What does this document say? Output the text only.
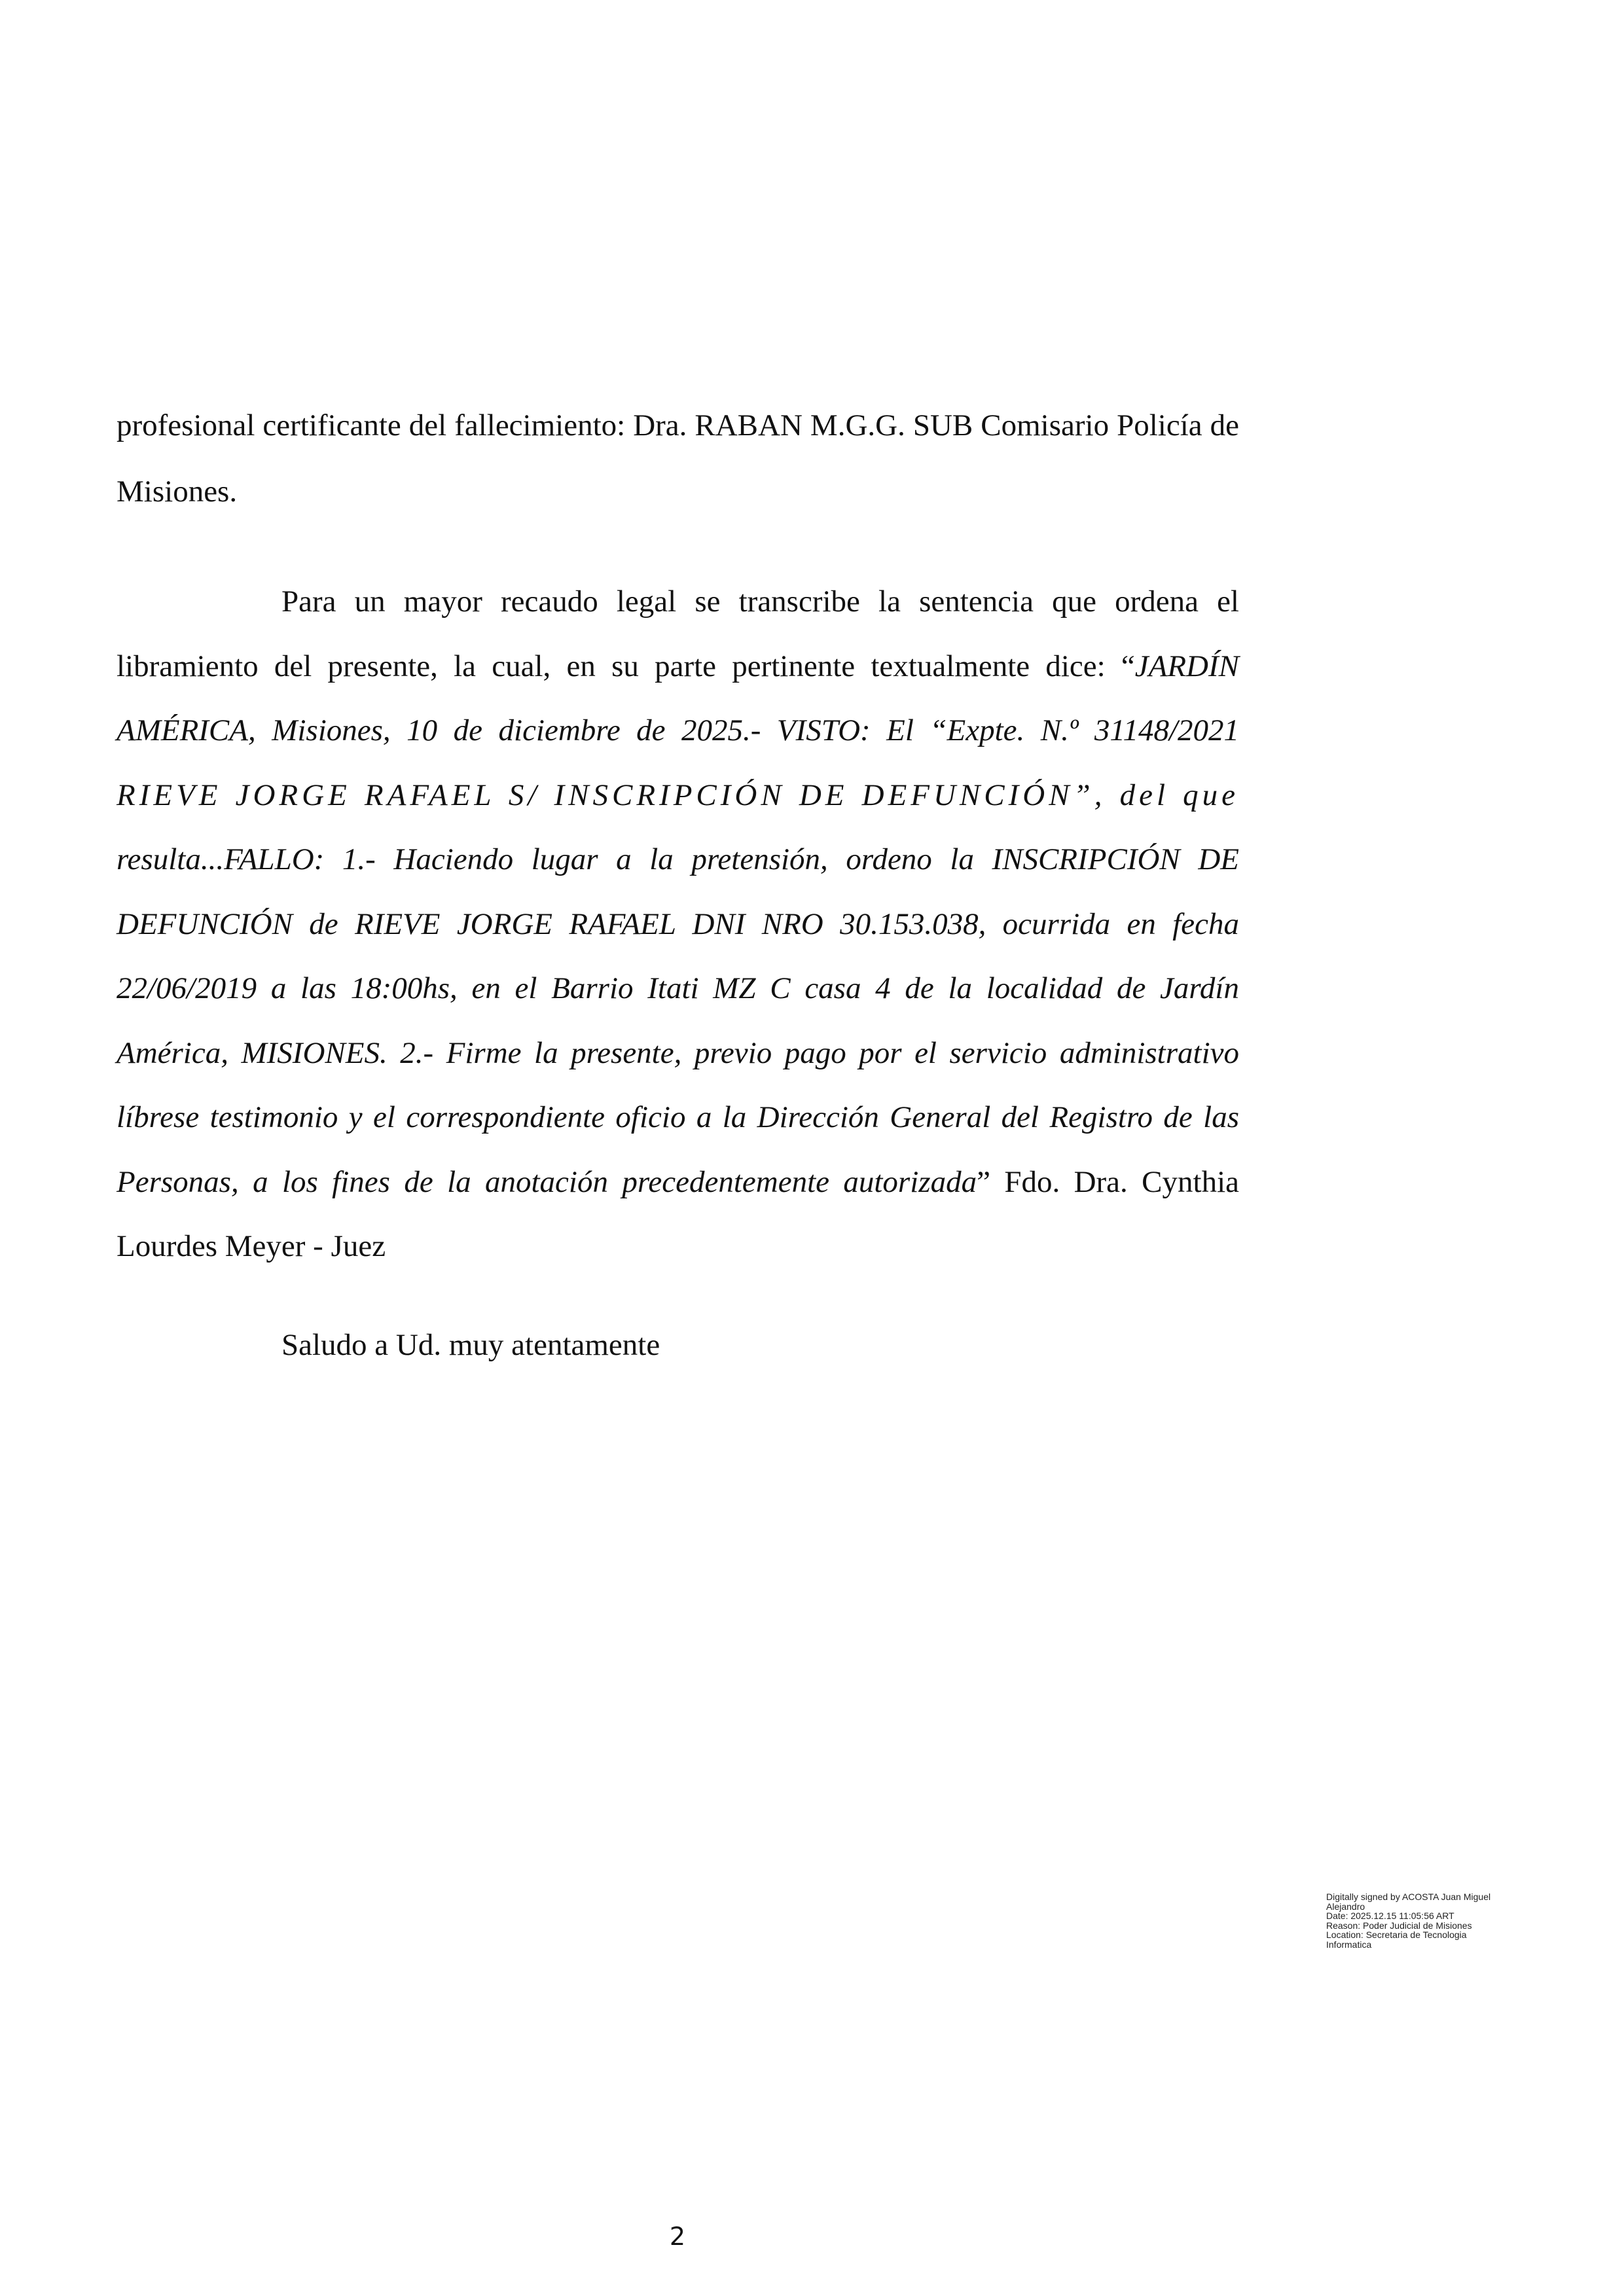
profesional certificante del fallecimiento: Dra. RABAN M.G.G. SUB Comisario Policía de Misiones.

Para un mayor recaudo legal se transcribe la sentencia que ordena el libramiento del presente, la cual, en su parte pertinente textualmente dice: “JARDÍN AMÉRICA, Misiones, 10 de diciembre de 2025.- VISTO: El “Expte. N.º 31148/2021 RIEVE JORGE RAFAEL S/ INSCRIPCIÓN DE DEFUNCIÓN”, del que resulta...FALLO: 1.- Haciendo lugar a la pretensión, ordeno la INSCRIPCIÓN DE DEFUNCIÓN de RIEVE JORGE RAFAEL DNI NRO 30.153.038, ocurrida en fecha 22/06/2019 a las 18:00hs, en el Barrio Itati MZ C casa 4 de la localidad de Jardín América, MISIONES. 2.- Firme la presente, previo pago por el servicio administrativo líbrese testimonio y el correspondiente oficio a la Dirección General del Registro de las Personas, a los fines de la anotación precedentemente autorizada” Fdo. Dra. Cynthia Lourdes Meyer - Juez

Saludo a Ud. muy atentamente

Digitally signed by ACOSTA Juan Miguel
Alejandro
Date: 2025.12.15 11:05:56 ART
Reason: Poder Judicial de Misiones
Location: Secretaria de Tecnologia
Informatica
2
